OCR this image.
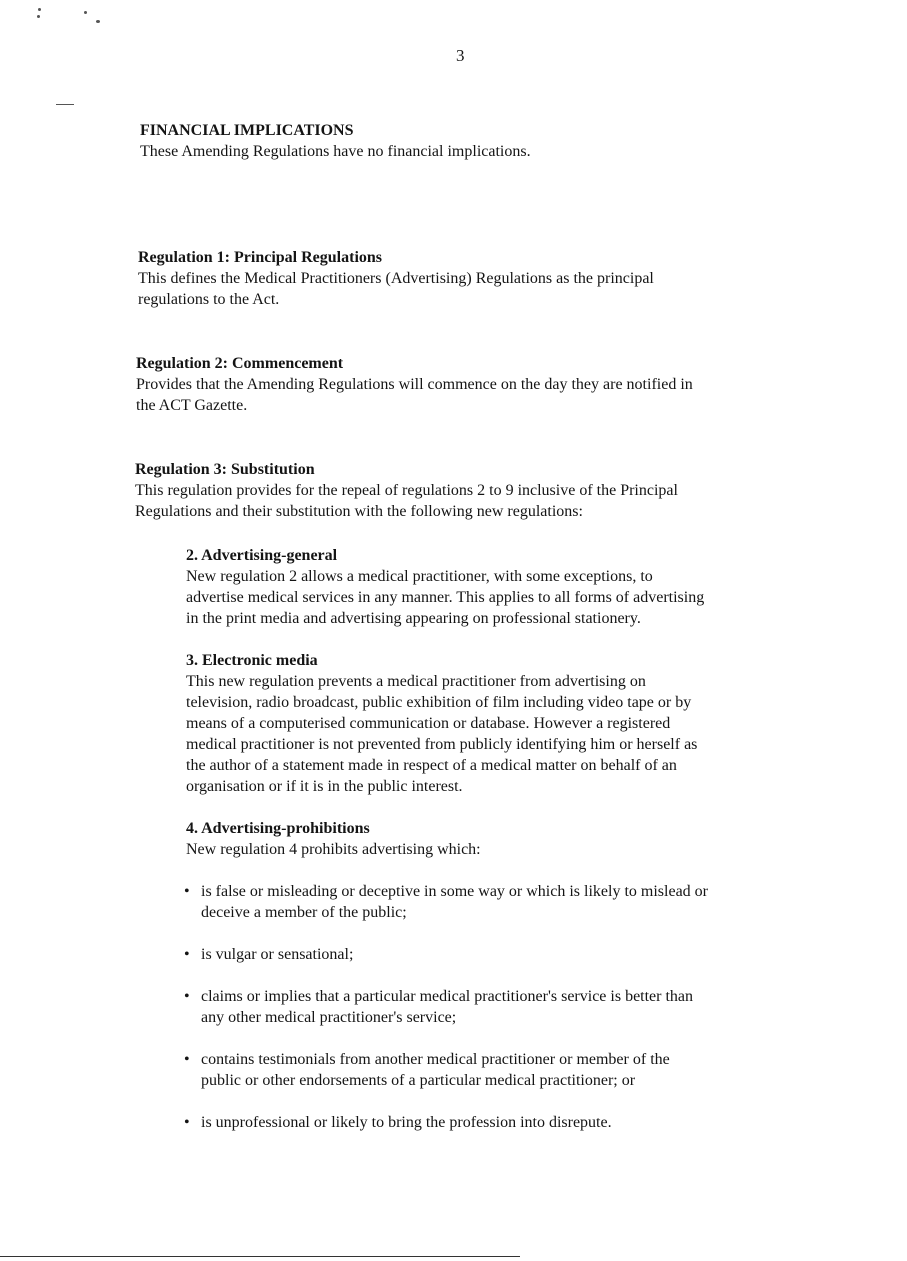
3
FINANCIAL IMPLICATIONS
These Amending Regulations have no financial implications.
Regulation 1: Principal Regulations
This defines the Medical Practitioners (Advertising) Regulations as the principal
regulations to the Act.
Regulation 2: Commencement
Provides that the Amending Regulations will commence on the day they are notified in
the ACT Gazette.
Regulation 3: Substitution
This regulation provides for the repeal of regulations 2 to 9 inclusive of the Principal
Regulations and their substitution with the following new regulations:
2. Advertising-general
New regulation 2 allows a medical practitioner, with some exceptions, to
advertise medical services in any manner. This applies to all forms of advertising
in the print media and advertising appearing on professional stationery.
3. Electronic media
This new regulation prevents a medical practitioner from advertising on
television, radio broadcast, public exhibition of film including video tape or by
means of a computerised communication or database. However a registered
medical practitioner is not prevented from publicly identifying him or herself as
the author of a statement made in respect of a medical matter on behalf of an
organisation or if it is in the public interest.
4. Advertising-prohibitions
New regulation 4 prohibits advertising which:
• is false or misleading or deceptive in some way or which is likely to mislead or
deceive a member of the public;
• is vulgar or sensational;
• claims or implies that a particular medical practitioner's service is better than
any other medical practitioner's service;
• contains testimonials from another medical practitioner or member of the
public or other endorsements of a particular medical practitioner; or
• is unprofessional or likely to bring the profession into disrepute.
